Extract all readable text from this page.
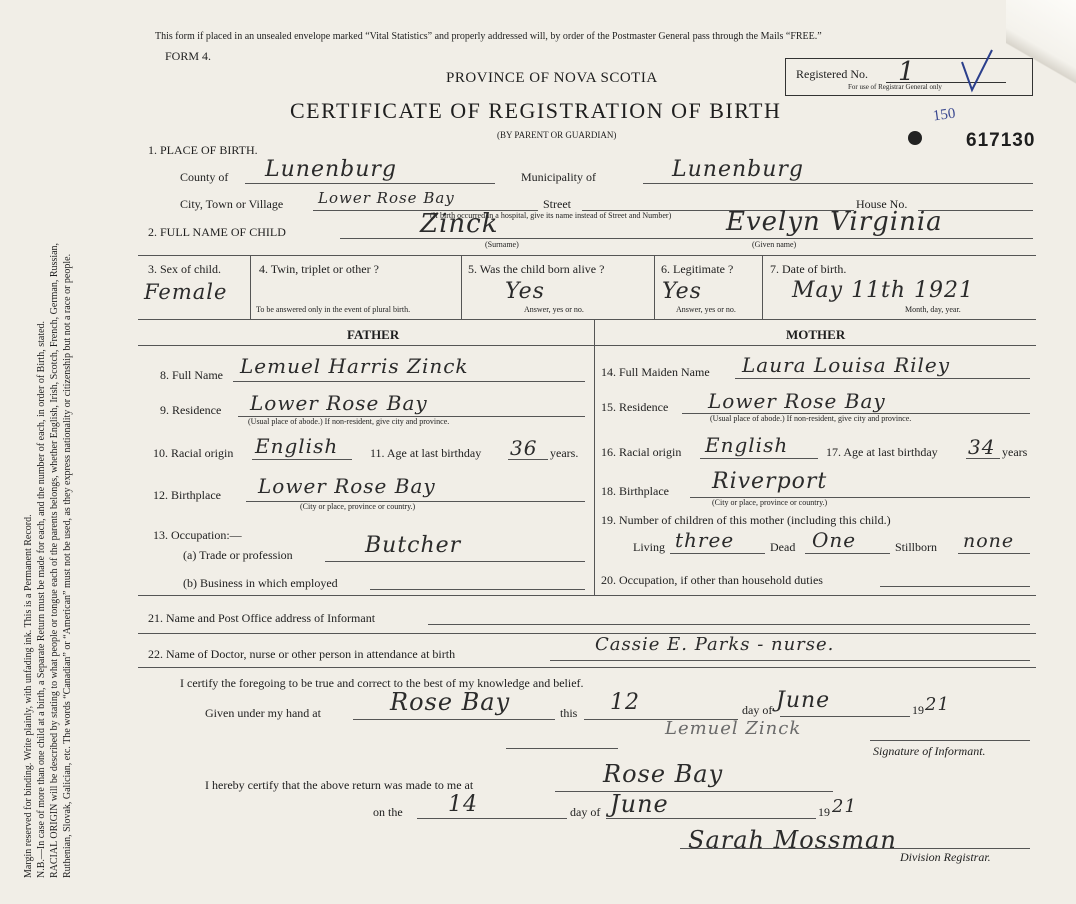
Margin reserved for binding. Write plainly, with unfading ink. This is a Permanent Record. N.B.—In case of more than one child at a birth, a Separate Return must be made for each, and the number of each, in order of Birth, stated. RACIAL ORIGIN will be described by stating to what people or tongue each of the parents belongs, whether English, Irish, Scotch, French, German, Russian, Ruthenian, Slovak, Galician, etc. The words “Canadian” or “American” must not be used, as they express nationality or citizenship but not a race or people.
This form if placed in an unsealed envelope marked “Vital Statistics” and properly addressed will, by order of the Postmaster General pass through the Mails “FREE.”
FORM 4.
PROVINCE OF NOVA SCOTIA
CERTIFICATE OF REGISTRATION OF BIRTH
(BY PARENT OR GUARDIAN)
Registered No. 1
For use of Registrar General only
150
617130
1. PLACE OF BIRTH.
County of Lunenburg	Municipality of	Lunenburg
City, Town or Village Lower Rose Bay	Street	House No.
(If birth occurred in a hospital, give its name instead of Street and Number)
2. FULL NAME OF CHILD	Zinck	Evelyn Virginia
(Surname)	(Given name)
3. Sex of child.
Female
4. Twin, triplet or other ?
To be answered only in the event of plural birth.
5. Was the child born alive ?
Yes
Answer, yes or no.
6. Legitimate ?
Yes
Answer, yes or no.
7. Date of birth.
May 11th 1921
Month, day, year.
FATHER	MOTHER
8. Full Name Lemuel Harris Zinck
9. Residence Lower Rose Bay
(Usual place of abode.) If non-resident, give city and province.
10. Racial origin English	11. Age at last birthday 36 years.
12. Birthplace Lower Rose Bay
(City or place, province or country.)
13. Occupation:—
(a) Trade or profession	Butcher
(b) Business in which employed
14. Full Maiden Name Laura Louisa Riley
15. Residence Lower Rose Bay
(Usual place of abode.) If non-resident, give city and province.
16. Racial origin English	17. Age at last birthday 34 years
18. Birthplace Riverport
(City or place, province or country.)
19. Number of children of this mother (including this child.)
Living three	Dead One	Stillborn none
20. Occupation, if other than household duties
21. Name and Post Office address of Informant
22. Name of Doctor, nurse or other person in attendance at birth	Cassie E. Parks - nurse.
I certify the foregoing to be true and correct to the best of my knowledge and belief.
Given under my hand at	Rose Bay	this 12	day of June	19 21
Lemuel Zinck
Signature of Informant.
I hereby certify that the above return was made to me at	Rose Bay
on the 14	day of June	19 21
Sarah Mossman
Division Registrar.
